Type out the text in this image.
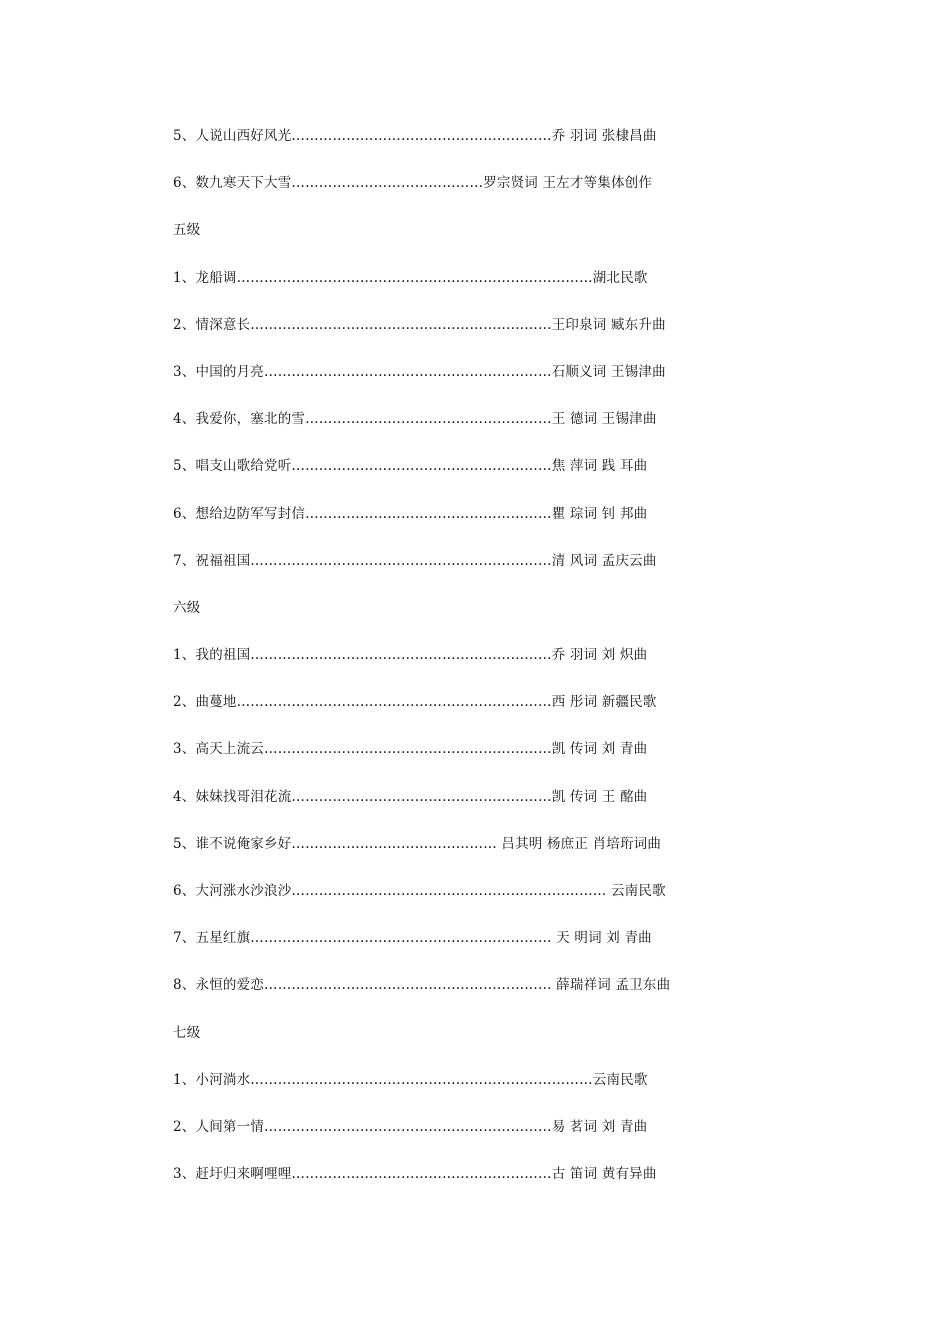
5、人说山西好风光…………………………………………………乔 羽词 张棣昌曲
6、数九寒天下大雪……………………………………罗宗贤词 王左才等集体创作
五级
1、龙船调……………………………………………………………………湖北民歌
2、情深意长…………………………………………………………王印泉词 臧东升曲
3、中国的月亮………………………………………………………石顺义词 王锡津曲
4、我爱你，塞北的雪………………………………………………王 德词 王锡津曲
5、唱支山歌给党听…………………………………………………焦 萍词 践 耳曲
6、想给边防军写封信………………………………………………瞿 琮词 钊 邦曲
7、祝福祖国…………………………………………………………清 风词 孟庆云曲
六级
1、我的祖国…………………………………………………………乔 羽词 刘 炽曲
2、曲蔓地……………………………………………………………西 彤词 新疆民歌
3、高天上流云………………………………………………………凯 传词 刘 青曲
4、妹妹找哥泪花流…………………………………………………凯 传词 王 酩曲
5、谁不说俺家乡好……………………………………… 吕其明 杨庶正 肖培珩词曲
6、大河涨水沙浪沙…………………………………………………………… 云南民歌
7、五星红旗………………………………………………………… 天 明词 刘 青曲
8、永恒的爱恋……………………………………………………… 薛瑞祥词 孟卫东曲
七级
1、小河淌水…………………………………………………………………云南民歌
2、人间第一情………………………………………………………易 茗词 刘 青曲
3、赶圩归来啊哩哩…………………………………………………古 笛词 黄有异曲
